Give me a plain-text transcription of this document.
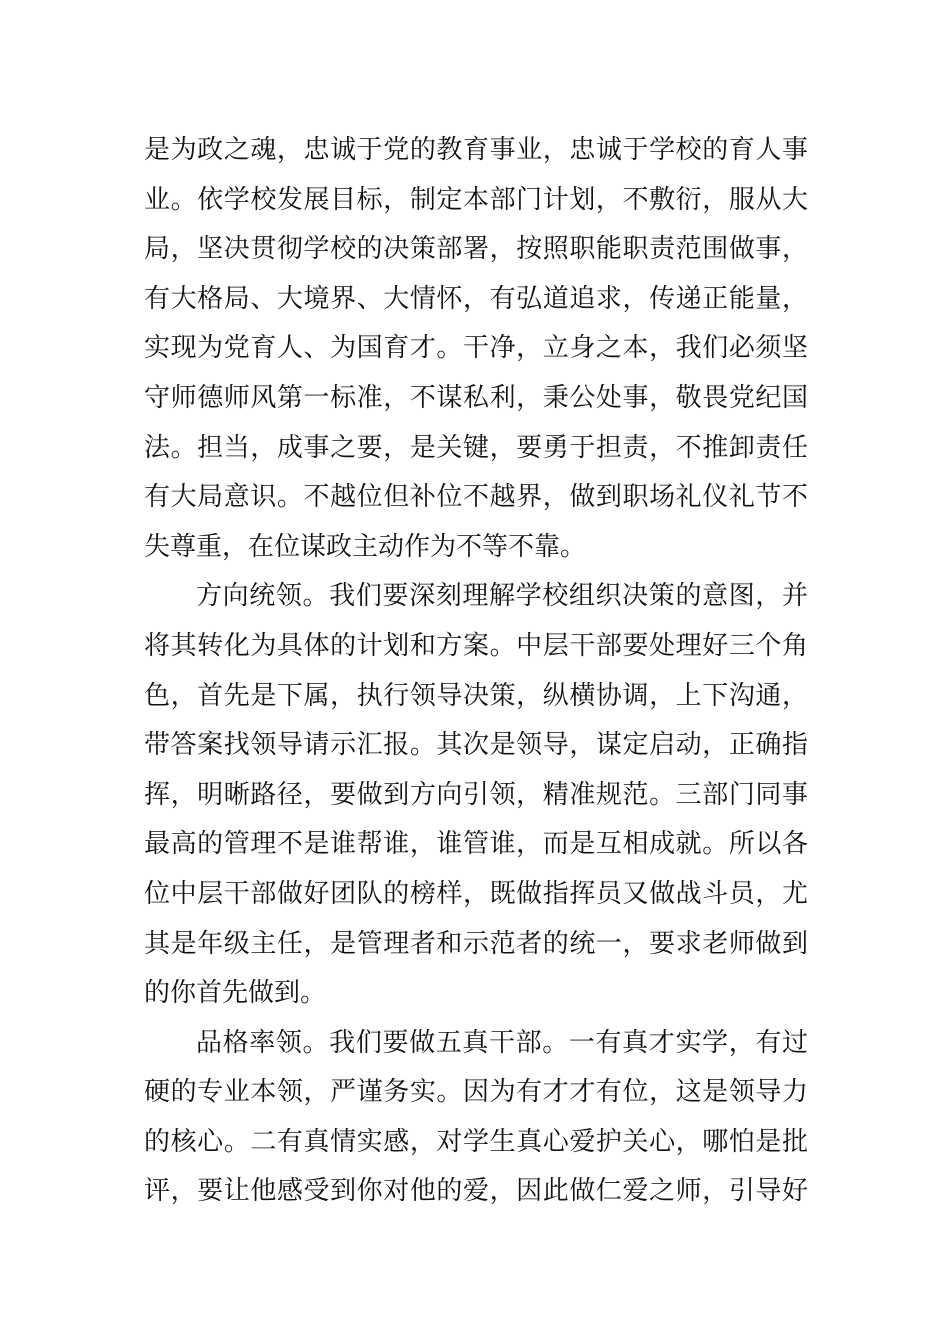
是为政之魂，忠诚于党的教育事业，忠诚于学校的育人事
业。依学校发展目标，制定本部门计划，不敷衍，服从大
局，坚决贯彻学校的决策部署，按照职能职责范围做事，
有大格局、大境界、大情怀，有弘道追求，传递正能量，
实现为党育人、为国育才。干净，立身之本，我们必须坚
守师德师风第一标准，不谋私利，秉公处事，敬畏党纪国
法。担当，成事之要，是关键，要勇于担责，不推卸责任
有大局意识。不越位但补位不越界，做到职场礼仪礼节不
失尊重，在位谋政主动作为不等不靠。
方向统领。我们要深刻理解学校组织决策的意图，并
将其转化为具体的计划和方案。中层干部要处理好三个角
色，首先是下属，执行领导决策，纵横协调，上下沟通，
带答案找领导请示汇报。其次是领导，谋定启动，正确指
挥，明晰路径，要做到方向引领，精准规范。三部门同事
最高的管理不是谁帮谁，谁管谁，而是互相成就。所以各
位中层干部做好团队的榜样，既做指挥员又做战斗员，尤
其是年级主任，是管理者和示范者的统一，要求老师做到
的你首先做到。
品格率领。我们要做五真干部。一有真才实学，有过
硬的专业本领，严谨务实。因为有才才有位，这是领导力
的核心。二有真情实感，对学生真心爱护关心，哪怕是批
评，要让他感受到你对他的爱，因此做仁爱之师，引导好
